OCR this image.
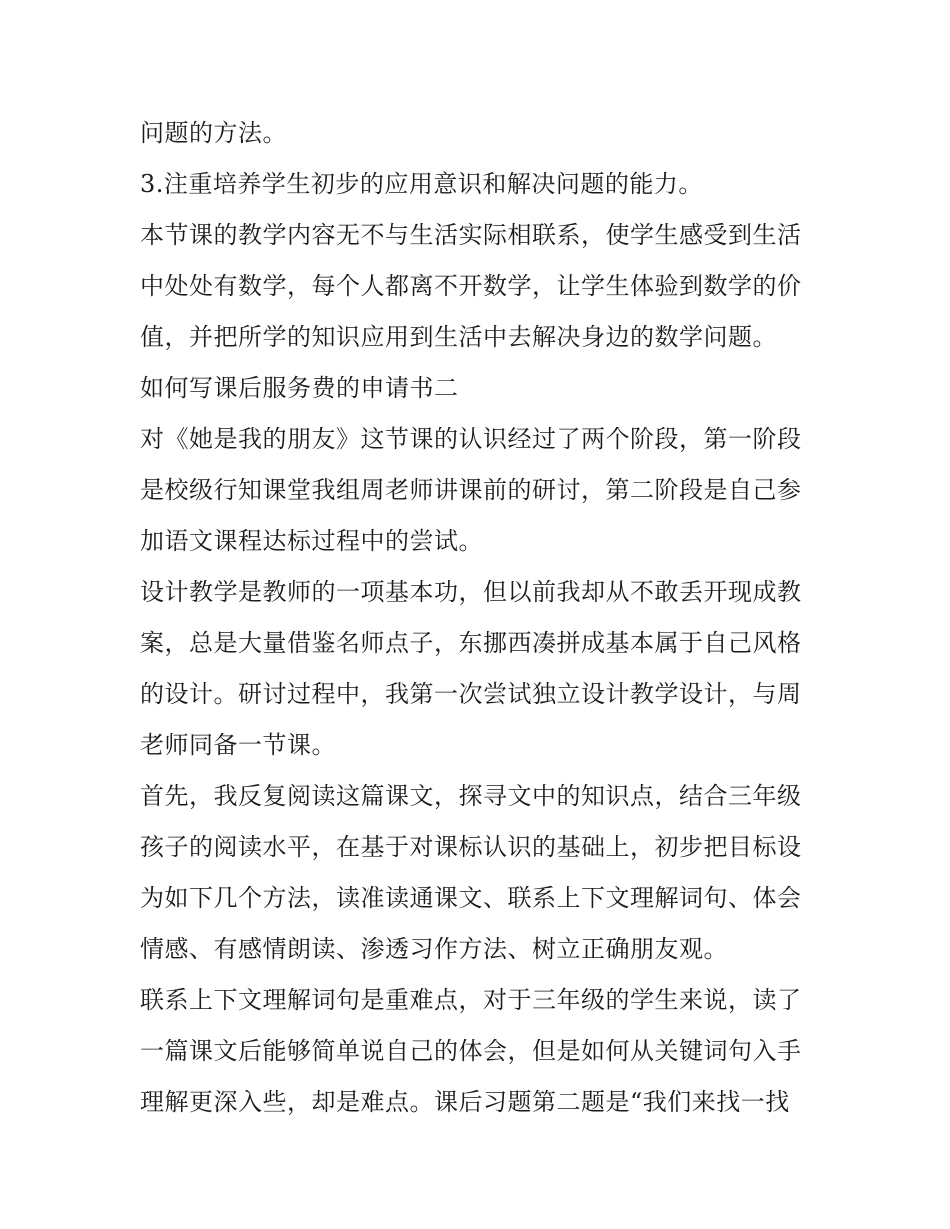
问题的方法。
3.注重培养学生初步的应用意识和解决问题的能力。
本节课的教学内容无不与生活实际相联系，使学生感受到生活
中处处有数学，每个人都离不开数学，让学生体验到数学的价
值，并把所学的知识应用到生活中去解决身边的数学问题。
如何写课后服务费的申请书二
对《她是我的朋友》这节课的认识经过了两个阶段，第一阶段
是校级行知课堂我组周老师讲课前的研讨，第二阶段是自己参
加语文课程达标过程中的尝试。
设计教学是教师的一项基本功，但以前我却从不敢丢开现成教
案，总是大量借鉴名师点子，东挪西凑拼成基本属于自己风格
的设计。研讨过程中，我第一次尝试独立设计教学设计，与周
老师同备一节课。
首先，我反复阅读这篇课文，探寻文中的知识点，结合三年级
孩子的阅读水平，在基于对课标认识的基础上，初步把目标设
为如下几个方法，读准读通课文、联系上下文理解词句、体会
情感、有感情朗读、渗透习作方法、树立正确朋友观。
联系上下文理解词句是重难点，对于三年级的学生来说，读了
一篇课文后能够简单说自己的体会，但是如何从关键词句入手
理解更深入些，却是难点。课后习题第二题是“我们来找一找
